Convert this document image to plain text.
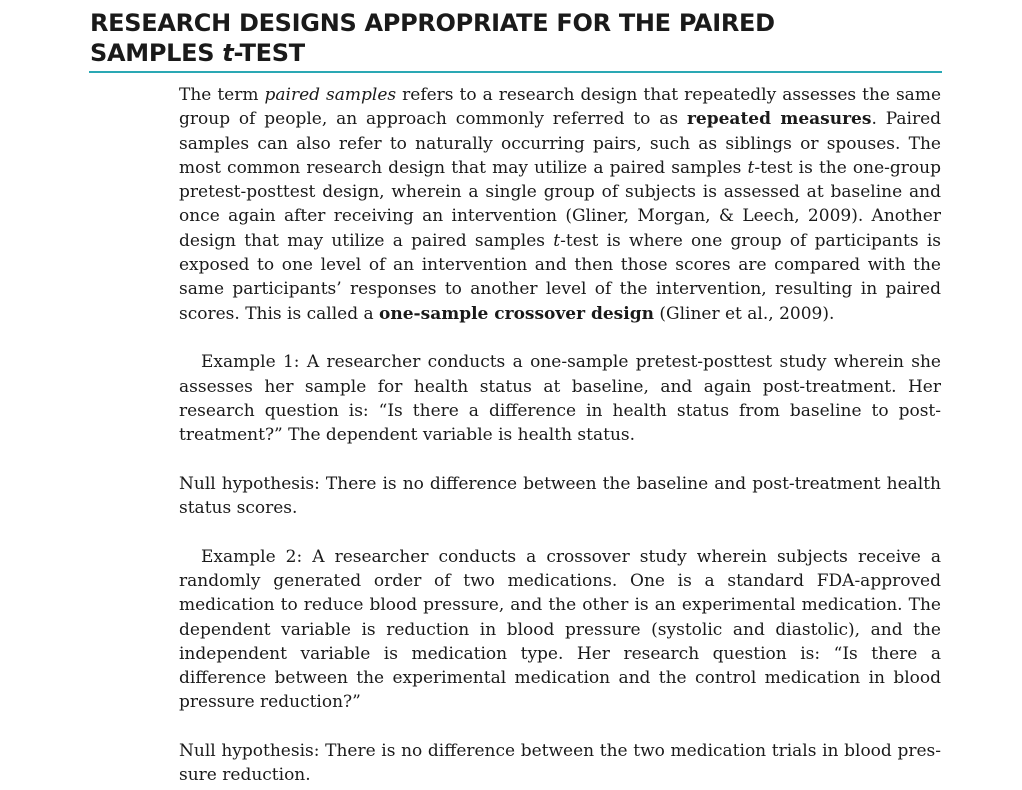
RESEARCH DESIGNS APPROPRIATE FOR THE PAIRED
SAMPLES t-TEST

The term paired samples refers to a research design that repeatedly assesses the same group of people, an approach commonly referred to as repeated measures. Paired samples can also refer to naturally occurring pairs, such as siblings or spouses. The most common research design that may utilize a paired samples t-test is the one-group pretest-posttest design, wherein a single group of subjects is assessed at baseline and once again after receiving an intervention (Gliner, Morgan, & Leech, 2009). Another design that may utilize a paired samples t-test is where one group of participants is exposed to one level of an intervention and then those scores are compared with the same participants’ responses to another level of the intervention, resulting in paired scores. This is called a one-sample crossover design (Gliner et al., 2009).

Example 1: A researcher conducts a one-sample pretest-posttest study wherein she assesses her sample for health status at baseline, and again post-treatment. Her research question is: “Is there a difference in health status from baseline to post-treatment?” The dependent variable is health status.

Null hypothesis: There is no difference between the baseline and post-treatment health status scores.

Example 2: A researcher conducts a crossover study wherein subjects receive a randomly generated order of two medications. One is a standard FDA-approved medication to reduce blood pressure, and the other is an experimental medication. The dependent variable is reduction in blood pressure (systolic and diastolic), and the independent variable is medication type. Her research question is: “Is there a difference between the experimental medication and the control medication in blood pressure reduction?”

Null hypothesis: There is no difference between the two medication trials in blood pressure reduction.
